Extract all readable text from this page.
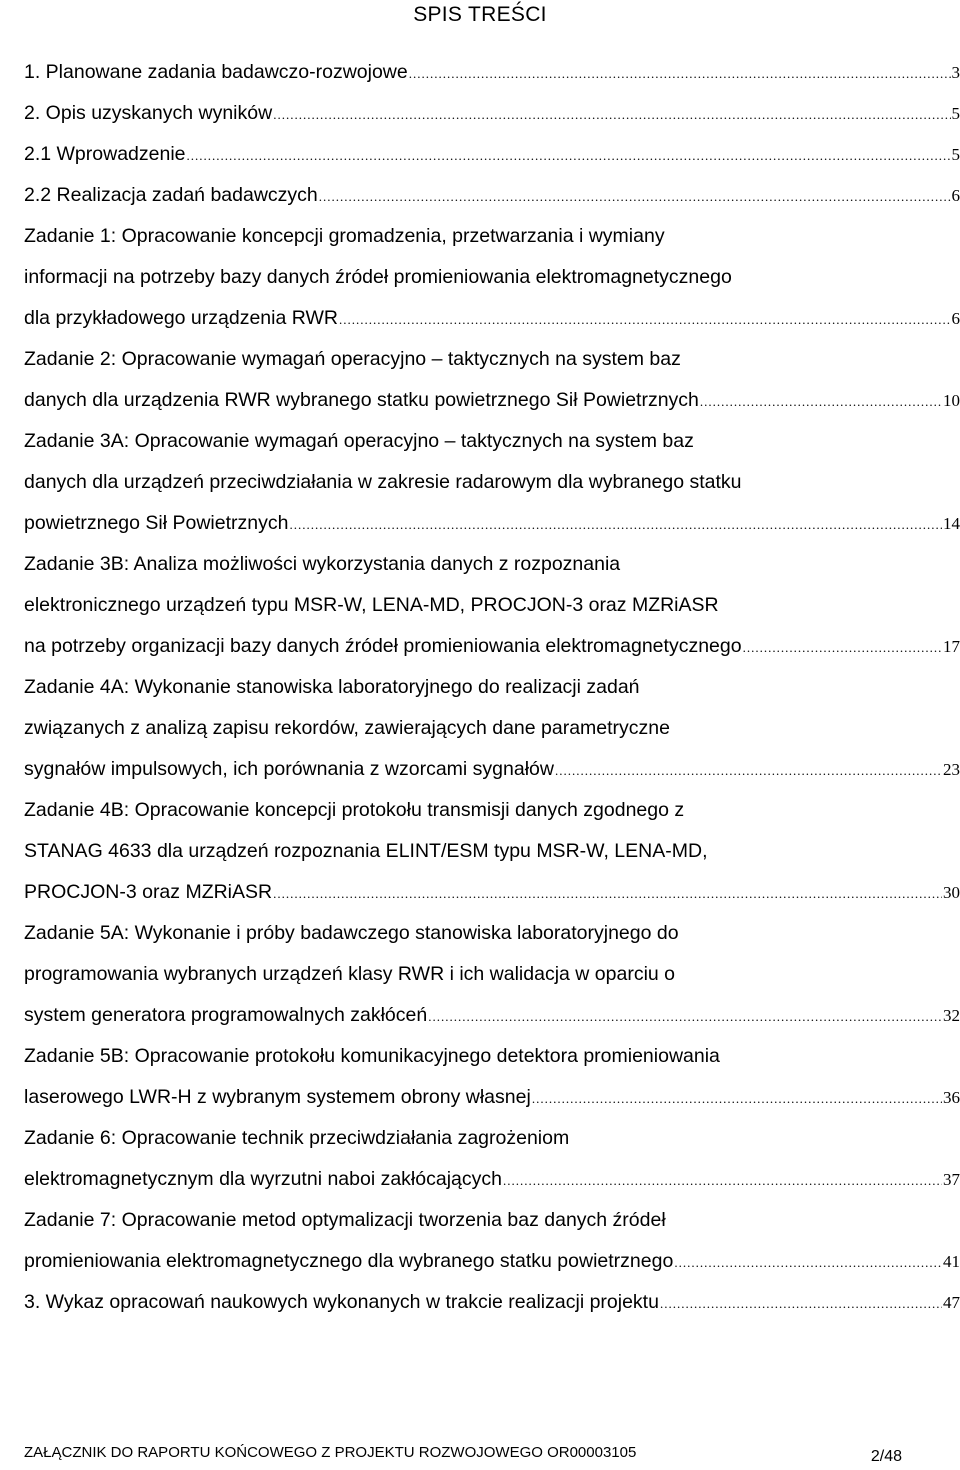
SPIS TREŚCI
1. Planowane zadania badawczo-rozwojowe .....	3
2. Opis uzyskanych wyników .....	5
2.1 Wprowadzenie .....	5
2.2 Realizacja zadań badawczych .....	6
Zadanie 1: Opracowanie koncepcji gromadzenia, przetwarzania i wymiany
informacji na potrzeby bazy danych źródeł promieniowania elektromagnetycznego
dla przykładowego urządzenia RWR .....	6
Zadanie 2: Opracowanie wymagań operacyjno – taktycznych na system baz
danych dla urządzenia RWR wybranego statku powietrznego Sił Powietrznych .....	10
Zadanie 3A: Opracowanie wymagań operacyjno – taktycznych na system baz
danych dla urządzeń przeciwdziałania w zakresie radarowym dla wybranego statku
powietrznego Sił Powietrznych .....	14
Zadanie 3B: Analiza możliwości wykorzystania danych z rozpoznania
elektronicznego urządzeń typu MSR-W, LENA-MD, PROCJON-3 oraz MZRiASR
na potrzeby organizacji bazy danych źródeł promieniowania elektromagnetycznego .....	17
Zadanie 4A: Wykonanie stanowiska laboratoryjnego do realizacji zadań
związanych z analizą zapisu rekordów, zawierających dane parametryczne
sygnałów impulsowych, ich porównania z wzorcami sygnałów .....	23
Zadanie 4B: Opracowanie koncepcji protokołu transmisji danych zgodnego z
STANAG 4633 dla urządzeń rozpoznania ELINT/ESM typu MSR-W, LENA-MD,
PROCJON-3 oraz MZRiASR .....	30
Zadanie 5A: Wykonanie i próby badawczego stanowiska laboratoryjnego do
programowania wybranych urządzeń klasy RWR i ich walidacja w oparciu o
system generatora programowalnych zakłóceń .....	32
Zadanie 5B: Opracowanie protokołu komunikacyjnego detektora promieniowania
laserowego LWR-H z wybranym systemem obrony własnej .....	36
Zadanie 6: Opracowanie technik przeciwdziałania zagrożeniom
elektromagnetycznym dla wyrzutni naboi zakłócających .....	37
Zadanie 7: Opracowanie metod optymalizacji tworzenia baz danych źródeł
promieniowania elektromagnetycznego dla wybranego statku powietrznego .....	41
3. Wykaz opracowań naukowych wykonanych w trakcie realizacji projektu .....	47
ZAŁĄCZNIK DO RAPORTU KOŃCOWEGO Z PROJEKTU ROZWOJOWEGO OR00003105	2/48
